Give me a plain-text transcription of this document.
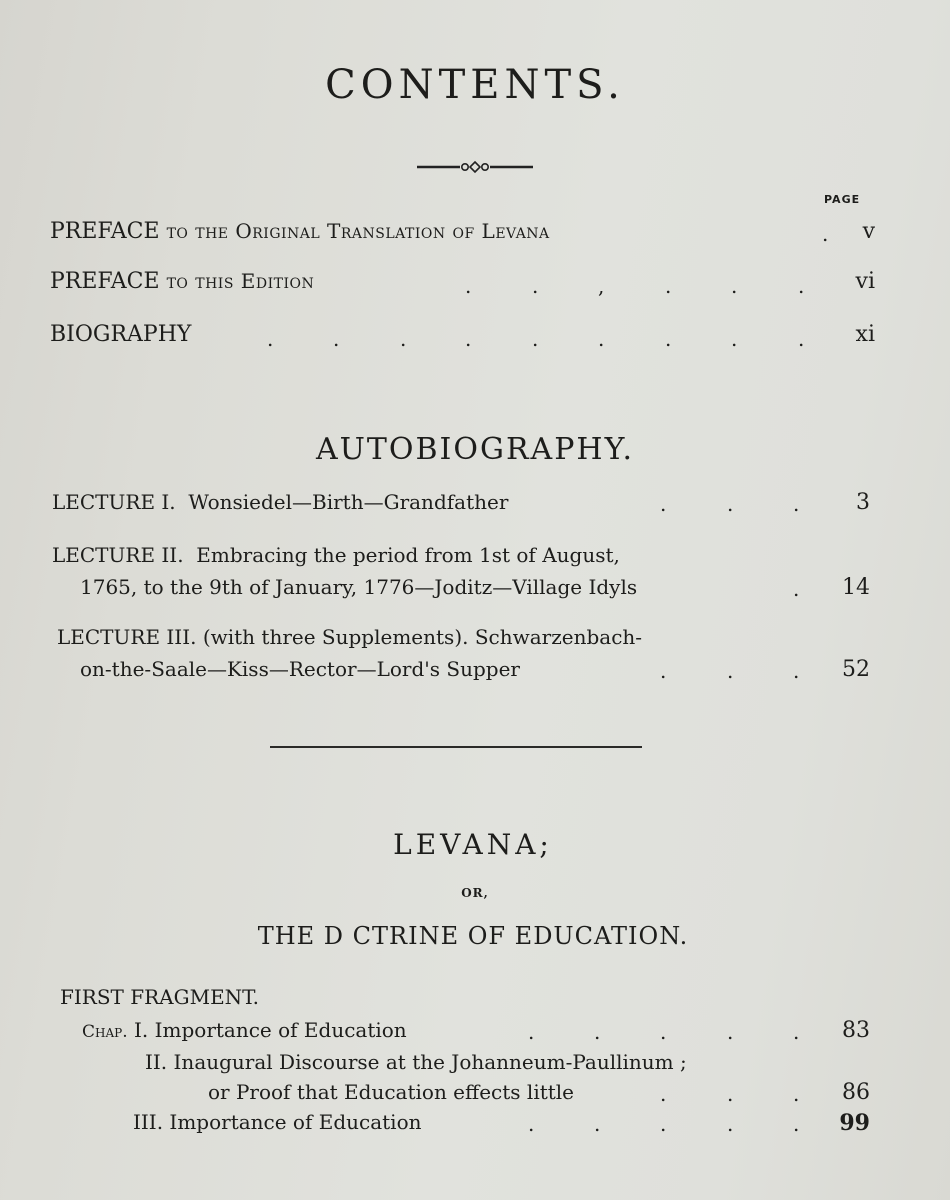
CONTENTS.
PAGE
PREFACE to the Original Translation of Levana	.	v
PREFACE to this Edition	.	.	,	.	.	.	vi
BIOGRAPHY	.	.	.	.	.	.	.	.	.	xi
AUTOBIOGRAPHY.
LECTURE I. Wonsiedel—Birth—Grandfather	.	.	.	3
LECTURE II. Embracing the period from 1st of August,
1765, to the 9th of January, 1776—Joditz—Village Idyls	.	14
LECTURE III. (with three Supplements). Schwarzenbach-
on-the-Saale—Kiss—Rector—Lord's Supper	.	.	.	52
LEVANA;
OR,
THE D CTRINE OF EDUCATION.
FIRST FRAGMENT.
Chap. I. Importance of Education	.	.	.	.	.	83
II. Inaugural Discourse at the Johanneum-Paullinum ;
or Proof that Education effects little	.	.	.	86
III. Importance of Education	.	.	.	.	.	99
